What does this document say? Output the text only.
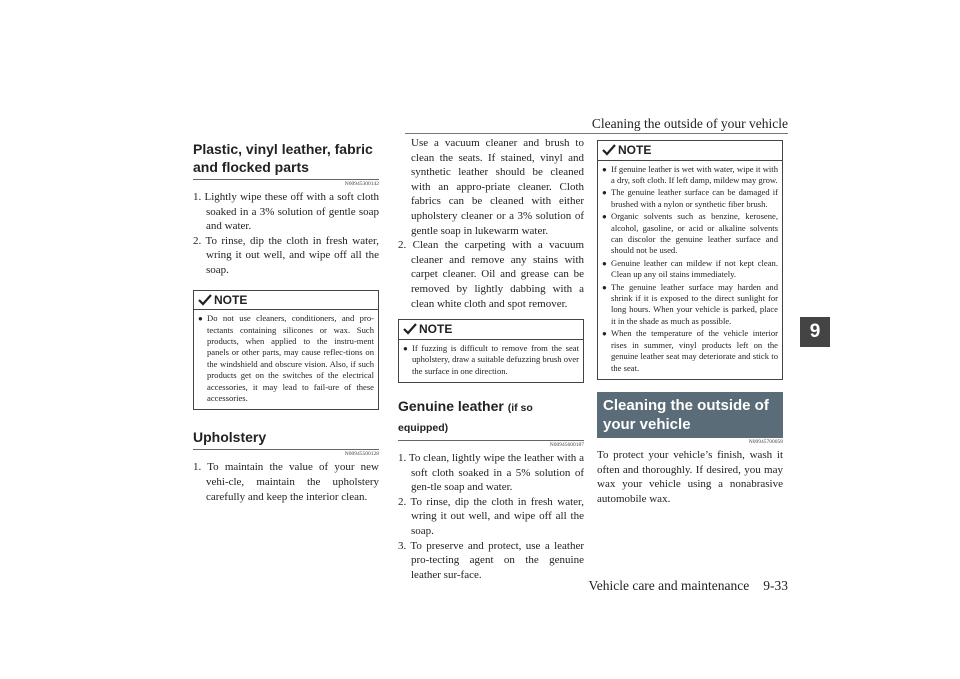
Cleaning the outside of your vehicle
9
Plastic, vinyl leather, fabric and flocked parts
N00945300142
1. Lightly wipe these off with a soft cloth soaked in a 3% solution of gentle soap and water.
2. To rinse, dip the cloth in fresh water, wring it out well, and wipe off all the soap.
NOTE
● Do not use cleaners, conditioners, and pro-tectants containing silicones or wax. Such products, when applied to the instru-ment panels or other parts, may cause reflec-tions on the windshield and obscure vision. Also, if such products get on the switches of the electrical accessories, it may lead to fail-ure of these accessories.
Upholstery
N00945500128
1. To maintain the value of your new vehi-cle, maintain the upholstery carefully and keep the interior clean.
Use a vacuum cleaner and brush to clean the seats. If stained, vinyl and synthetic leather should be cleaned with an appro-priate cleaner. Cloth fabrics can be cleaned with either upholstery cleaner or a 3% solution of gentle soap in lukewarm water.
2. Clean the carpeting with a vacuum cleaner and remove any stains with carpet cleaner. Oil and grease can be removed by lightly dabbing with a clean white cloth and spot remover.
NOTE
● If fuzzing is difficult to remove from the seat upholstery, draw a suitable defuzzing brush over the surface in one direction.
Genuine leather (if so equipped)
N00945600187
1. To clean, lightly wipe the leather with a soft cloth soaked in a 5% solution of gen-tle soap and water.
2. To rinse, dip the cloth in fresh water, wring it out well, and wipe off all the soap.
3. To preserve and protect, use a leather pro-tecting agent on the genuine leather sur-face.
NOTE
● If genuine leather is wet with water, wipe it with a dry, soft cloth. If left damp, mildew may grow.
● The genuine leather surface can be damaged if brushed with a nylon or synthetic fiber brush.
● Organic solvents such as benzine, kerosene, alcohol, gasoline, or acid or alkaline solvents can discolor the genuine leather surface and should not be used.
● Genuine leather can mildew if not kept clean. Clean up any oil stains immediately.
● The genuine leather surface may harden and shrink if it is exposed to the direct sunlight for long hours. When your vehicle is parked, place it in the shade as much as possible.
● When the temperature of the vehicle interior rises in summer, vinyl products left on the genuine leather seat may deteriorate and stick to the seat.
Cleaning the outside of your vehicle
N00945700058
To protect your vehicle’s finish, wash it often and thoroughly. If desired, you may wax your vehicle using a nonabrasive automobile wax.
Vehicle care and maintenance 9-33
